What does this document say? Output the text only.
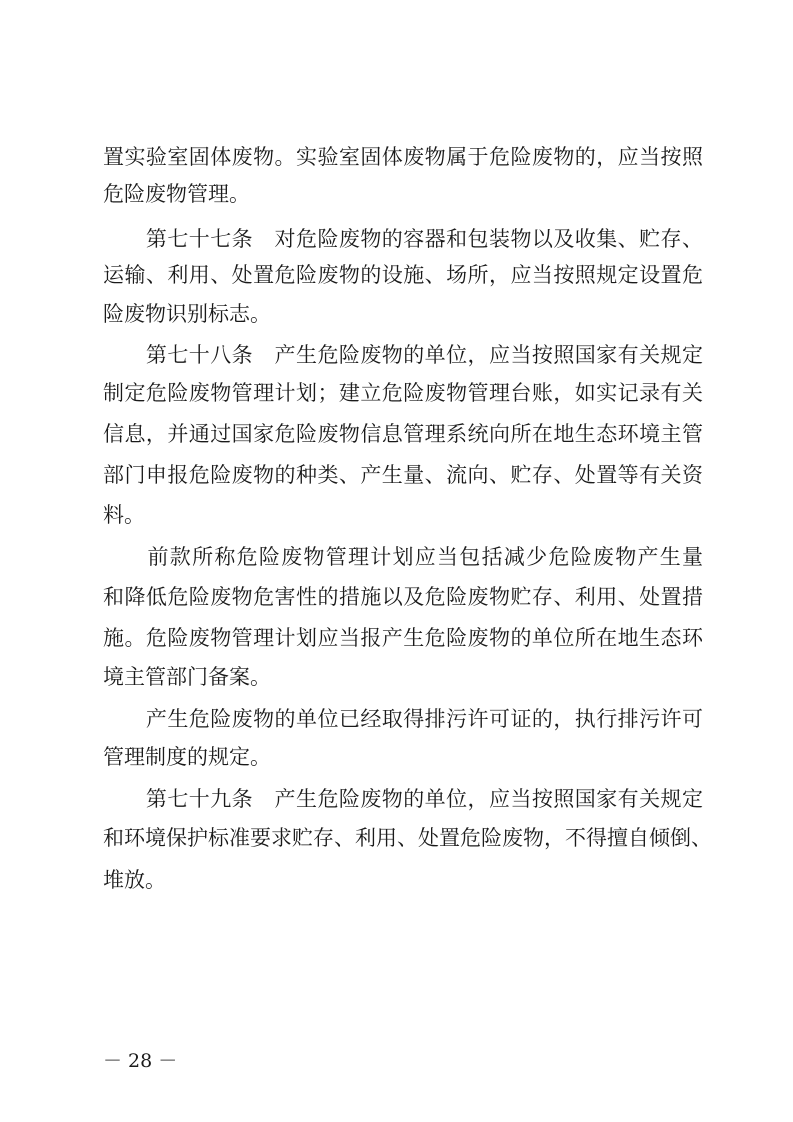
置实验室固体废物。实验室固体废物属于危险废物的，应当按照
危险废物管理。
　　第七十七条　对危险废物的容器和包装物以及收集、贮存、
运输、利用、处置危险废物的设施、场所，应当按照规定设置危
险废物识别标志。
　　第七十八条　产生危险废物的单位，应当按照国家有关规定
制定危险废物管理计划；建立危险废物管理台账，如实记录有关
信息，并通过国家危险废物信息管理系统向所在地生态环境主管
部门申报危险废物的种类、产生量、流向、贮存、处置等有关资
料。
　　前款所称危险废物管理计划应当包括减少危险废物产生量
和降低危险废物危害性的措施以及危险废物贮存、利用、处置措
施。危险废物管理计划应当报产生危险废物的单位所在地生态环
境主管部门备案。
　　产生危险废物的单位已经取得排污许可证的，执行排污许可
管理制度的规定。
　　第七十九条　产生危险废物的单位，应当按照国家有关规定
和环境保护标准要求贮存、利用、处置危险废物，不得擅自倾倒、
堆放。
－ 28 －
